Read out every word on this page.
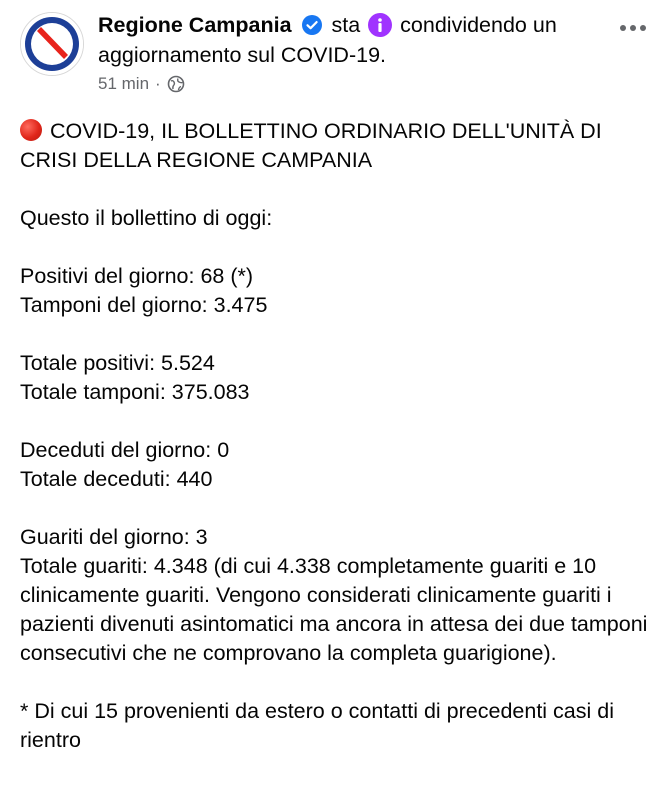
Regione Campania sta condividendo un aggiornamento sul COVID-19.
51 min ·
COVID-19, IL BOLLETTINO ORDINARIO DELL'UNITÀ DI CRISI DELLA REGIONE CAMPANIA
Questo il bollettino di oggi:
Positivi del giorno: 68 (*)
Tamponi del giorno: 3.475
Totale positivi: 5.524
Totale tamponi: 375.083
Deceduti del giorno: 0
Totale deceduti: 440
Guariti del giorno: 3
Totale guariti: 4.348 (di cui 4.338 completamente guariti e 10 clinicamente guariti. Vengono considerati clinicamente guariti i pazienti divenuti asintomatici ma ancora in attesa dei due tamponi consecutivi che ne comprovano la completa guarigione).
* Di cui 15 provenienti da estero o contatti di precedenti casi di rientro
